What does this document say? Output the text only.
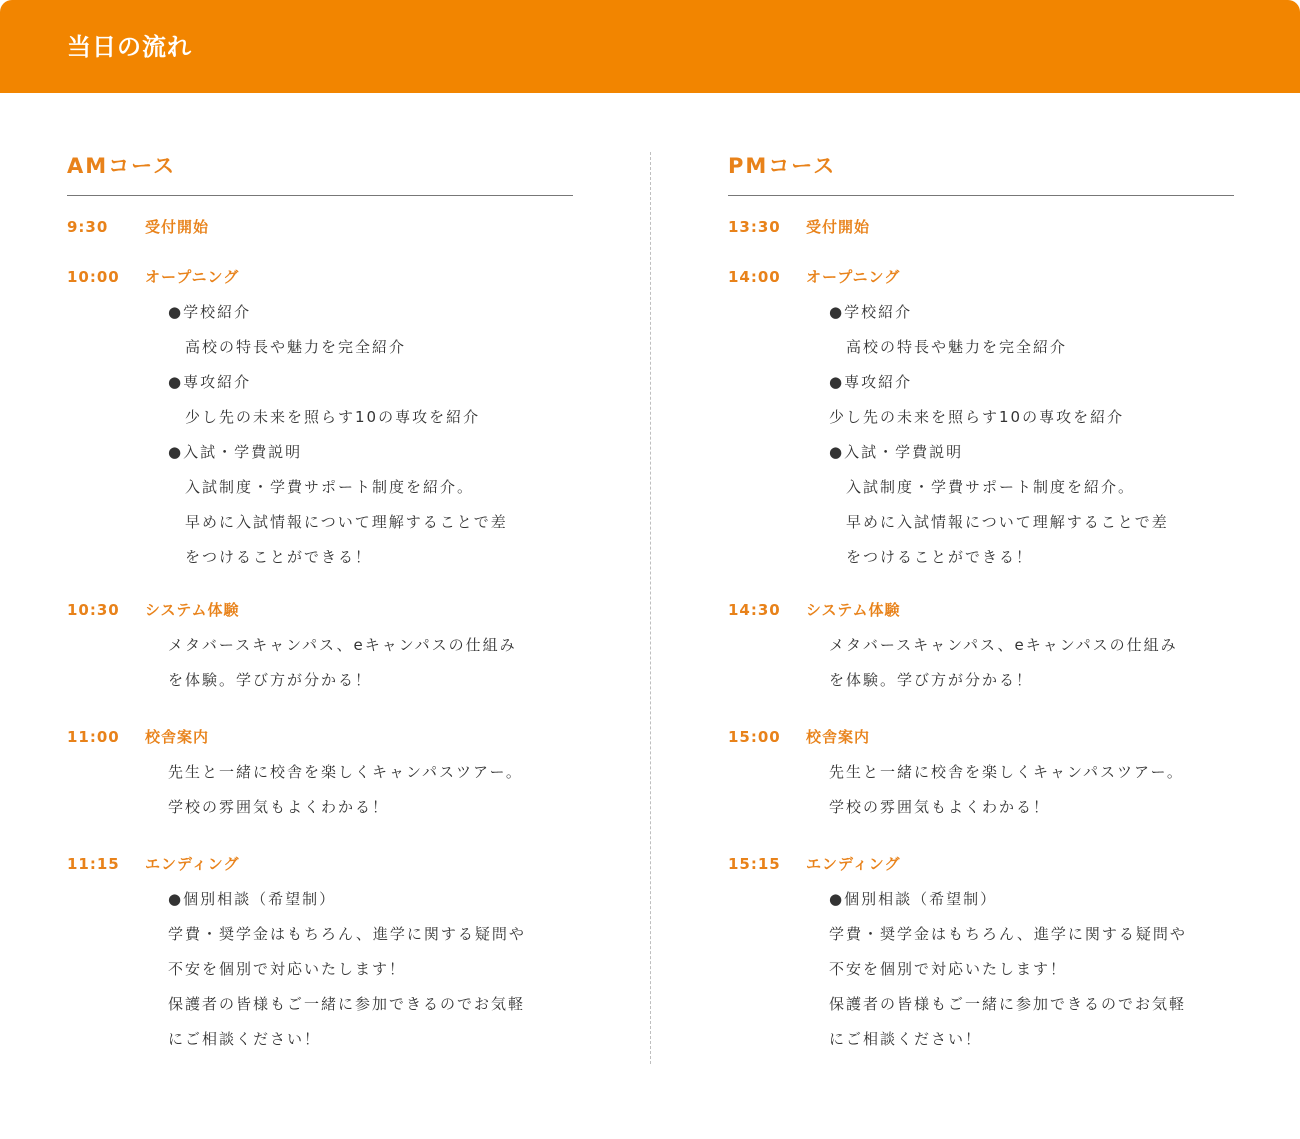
当日の流れ
AMコース
9:30 受付開始
10:00 オープニング
●学校紹介
高校の特長や魅力を完全紹介
●専攻紹介
少し先の未来を照らす10の専攻を紹介
●入試・学費説明
入試制度・学費サポート制度を紹介。
早めに入試情報について理解することで差
をつけることができる！
10:30 システム体験
メタバースキャンパス、eキャンパスの仕組み
を体験。学び方が分かる！
11:00 校舎案内
先生と一緒に校舎を楽しくキャンパスツアー。
学校の雰囲気もよくわかる！
11:15 エンディング
●個別相談（希望制）
学費・奨学金はもちろん、進学に関する疑問や
不安を個別で対応いたします！
保護者の皆様もご一緒に参加できるのでお気軽
にご相談ください！
PMコース
13:30 受付開始
14:00 オープニング
●学校紹介
高校の特長や魅力を完全紹介
●専攻紹介
少し先の未来を照らす10の専攻を紹介
●入試・学費説明
入試制度・学費サポート制度を紹介。
早めに入試情報について理解することで差
をつけることができる！
14:30 システム体験
メタバースキャンパス、eキャンパスの仕組み
を体験。学び方が分かる！
15:00 校舎案内
先生と一緒に校舎を楽しくキャンパスツアー。
学校の雰囲気もよくわかる！
15:15 エンディング
●個別相談（希望制）
学費・奨学金はもちろん、進学に関する疑問や
不安を個別で対応いたします！
保護者の皆様もご一緒に参加できるのでお気軽
にご相談ください！
